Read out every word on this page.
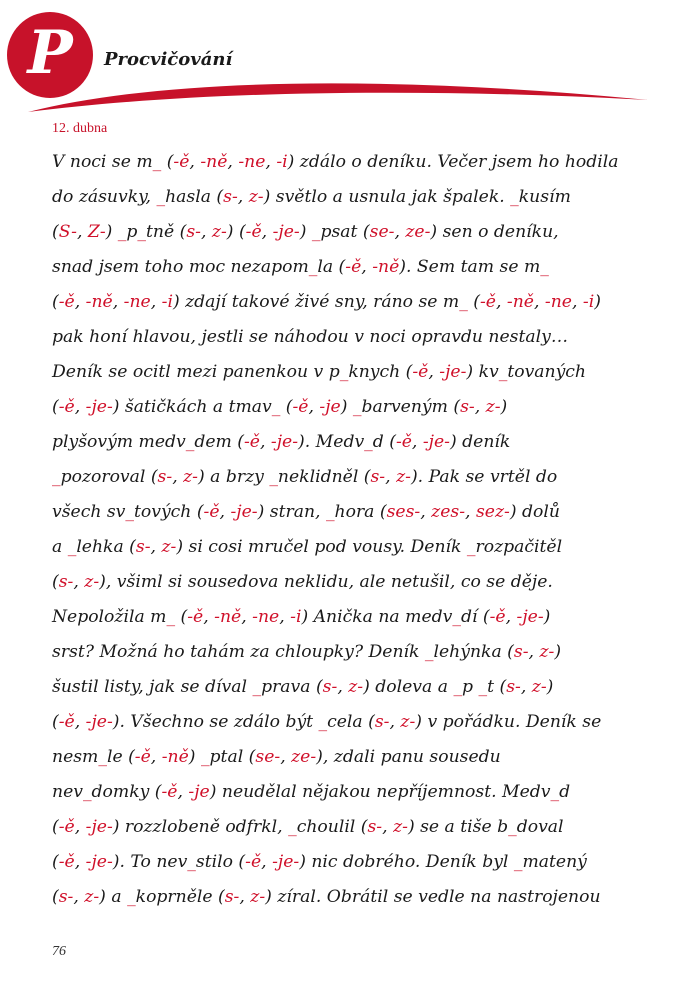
P	Procvičování
12. dubna
V noci se m_ (-ě, -ně, -ne, -i) zdálo o deníku. Večer jsem ho hodila
do zásuvky, _hasla (s-, z-) světlo a usnula jak špalek. _kusím
(S-, Z-) _p_tně (s-, z-) (-ě, -je-) _psat (se-, ze-) sen o deníku,
snad jsem toho moc nezapom_la (-ě, -ně). Sem tam se m_
(-ě, -ně, -ne, -i) zdají takové živé sny, ráno se m_ (-ě, -ně, -ne, -i)
pak honí hlavou, jestli se náhodou v noci opravdu nestaly…
Deník se ocitl mezi panenkou v p_knych (-ě, -je-) kv_tovaných
(-ě, -je-) šatičkách a tmav_ (-ě, -je) _barveným (s-, z-)
plyšovým medv_dem (-ě, -je-). Medv_d (-ě, -je-) deník
_pozoroval (s-, z-) a brzy _neklidněl (s-, z-). Pak se vrtěl do
všech sv_tových (-ě, -je-) stran, _hora (ses-, zes-, sez-) dolů
a _lehka (s-, z-) si cosi mručel pod vousy. Deník _rozpačitěl
(s-, z-), všiml si sousedova neklidu, ale netušil, co se děje.
Nepoložila m_ (-ě, -ně, -ne, -i) Anička na medv_dí (-ě, -je-)
srst? Možná ho tahám za chloupky? Deník _lehýnka (s-, z-)
šustil listy, jak se díval _prava (s-, z-) doleva a _p _t (s-, z-)
(-ě, -je-). Všechno se zdálo být _cela (s-, z-) v pořádku. Deník se
nesm_le (-ě, -ně) _ptal (se-, ze-), zdali panu sousedu
nev_domky (-ě, -je) neudělal nějakou nepříjemnost. Medv_d
(-ě, -je-) rozzlobeně odfrkl, _choulil (s-, z-) se a tiše b_doval
(-ě, -je-). To nev_stilo (-ě, -je-) nic dobrého. Deník byl _matený
(s-, z-) a _koprněle (s-, z-) zíral. Obrátil se vedle na nastrojenou
76
